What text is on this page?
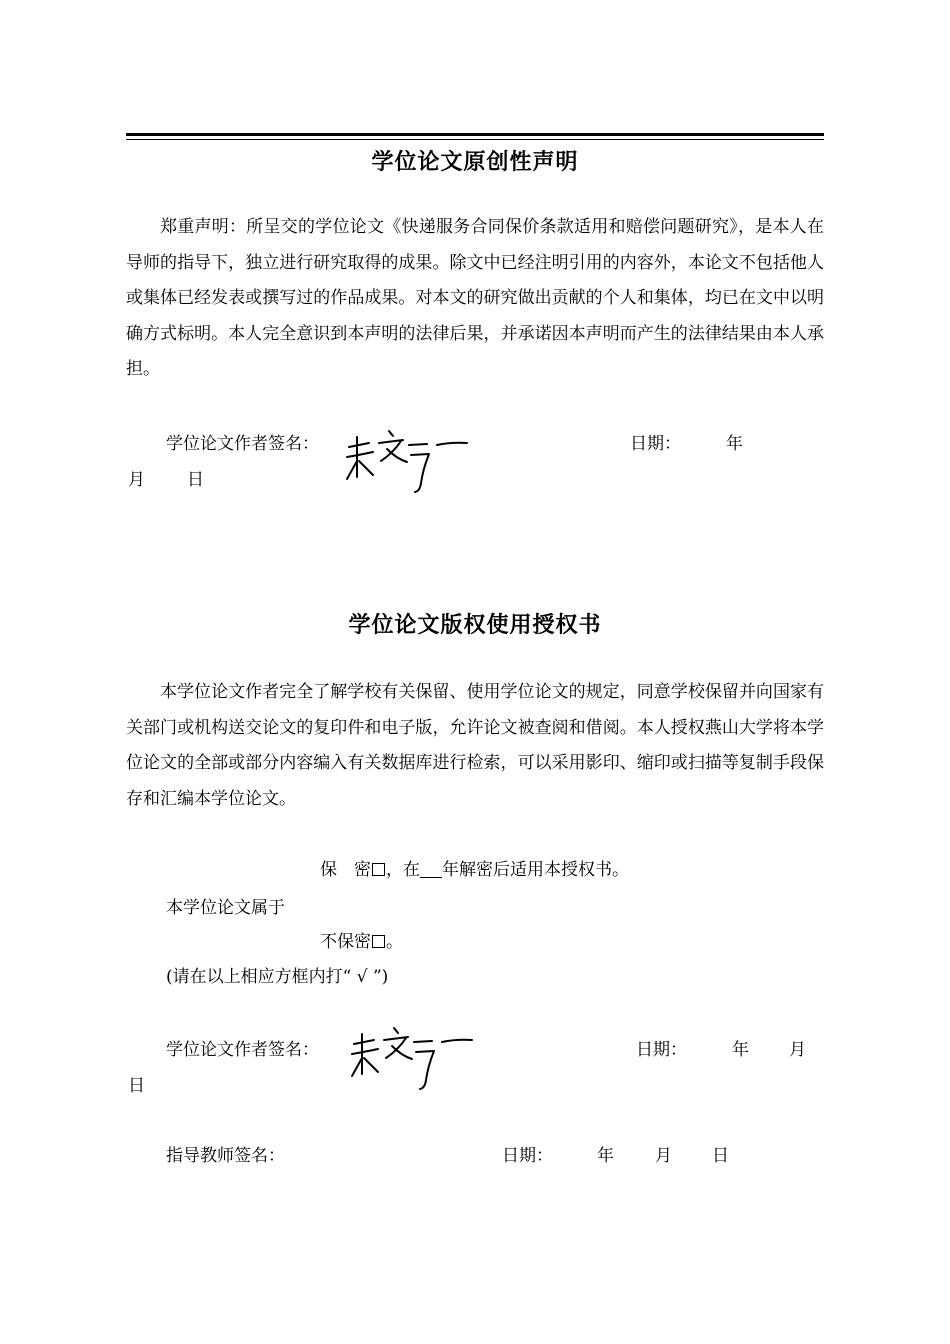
学位论文原创性声明
郑重声明：所呈交的学位论文《快递服务合同保价条款适用和赔偿问题研究》，是本人在导师的指导下，独立进行研究取得的成果。除文中已经注明引用的内容外，本论文不包括他人或集体已经发表或撰写过的作品成果。对本文的研究做出贡献的个人和集体，均已在文中以明确方式标明。本人完全意识到本声明的法律后果，并承诺因本声明而产生的法律结果由本人承担。
学位论文作者签名：	日期：	年
月 日
学位论文版权使用授权书
本学位论文作者完全了解学校有关保留、使用学位论文的规定，同意学校保留并向国家有关部门或机构送交论文的复印件和电子版，允许论文被查阅和借阅。本人授权燕山大学将本学位论文的全部或部分内容编入有关数据库进行检索，可以采用影印、缩印或扫描等复制手段保存和汇编本学位论文。
保　密 ，在 年解密后适用本授权书。
本学位论文属于
不保密 。
(请在以上相应方框内打“ √ ”)
学位论文作者签名：	日期：	年 月
日
指导教师签名：	日期：	年 月 日
